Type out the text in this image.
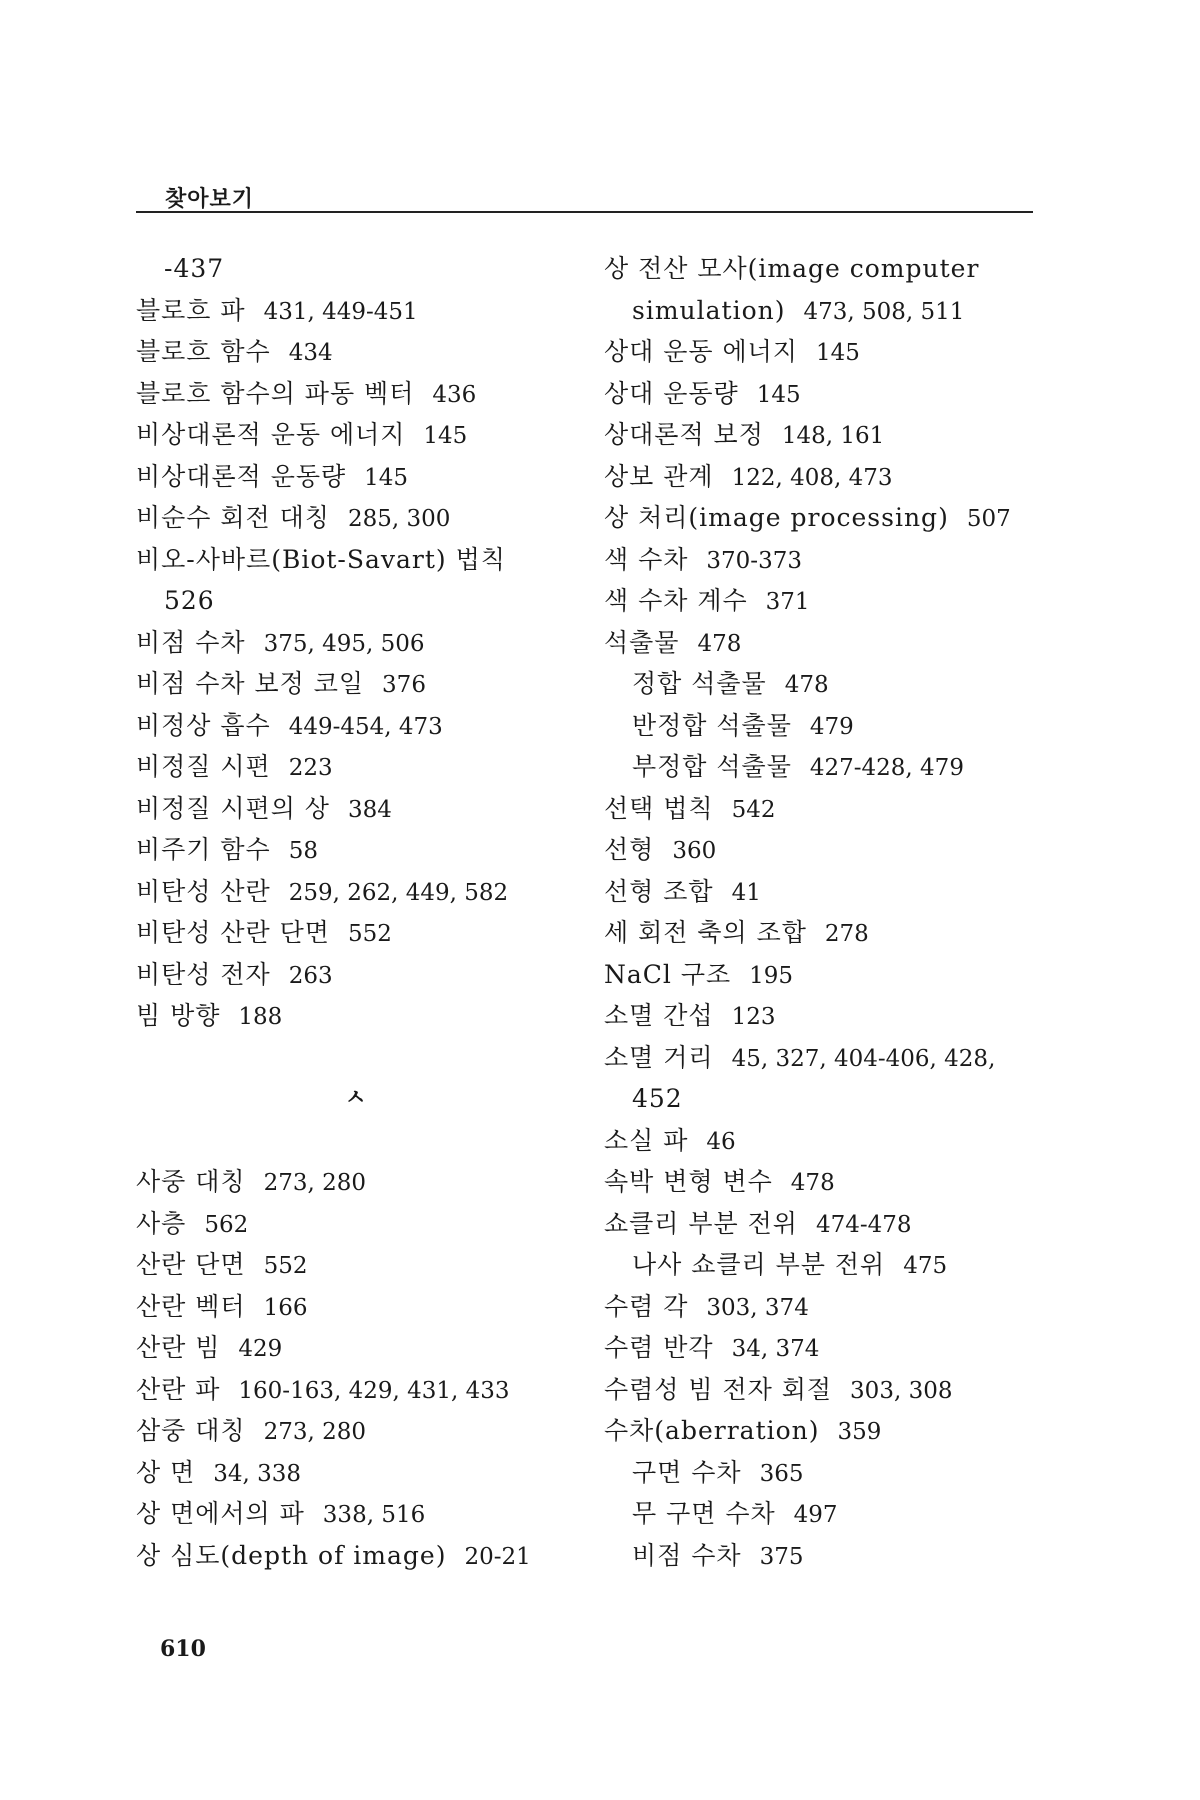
찾아보기
-437
블로흐 파 431, 449-451
블로흐 함수 434
블로흐 함수의 파동 벡터 436
비상대론적 운동 에너지 145
비상대론적 운동량 145
비순수 회전 대칭 285, 300
비오-사바르(Biot-Savart) 법칙
526
비점 수차 375, 495, 506
비점 수차 보정 코일 376
비정상 흡수 449-454, 473
비정질 시편 223
비정질 시편의 상 384
비주기 함수 58
비탄성 산란 259, 262, 449, 582
비탄성 산란 단면 552
비탄성 전자 263
빔 방향 188
ㅅ
사중 대칭 273, 280
사층 562
산란 단면 552
산란 벡터 166
산란 빔 429
산란 파 160-163, 429, 431, 433
삼중 대칭 273, 280
상 면 34, 338
상 면에서의 파 338, 516
상 심도(depth of image) 20-21
상 전산 모사(image computer
simulation) 473, 508, 511
상대 운동 에너지 145
상대 운동량 145
상대론적 보정 148, 161
상보 관계 122, 408, 473
상 처리(image processing) 507
색 수차 370-373
색 수차 계수 371
석출물 478
정합 석출물 478
반정합 석출물 479
부정합 석출물 427-428, 479
선택 법칙 542
선형 360
선형 조합 41
세 회전 축의 조합 278
NaCl 구조 195
소멸 간섭 123
소멸 거리 45, 327, 404-406, 428,
452
소실 파 46
속박 변형 변수 478
쇼클리 부분 전위 474-478
나사 쇼클리 부분 전위 475
수렴 각 303, 374
수렴 반각 34, 374
수렴성 빔 전자 회절 303, 308
수차(aberration) 359
구면 수차 365
무 구면 수차 497
비점 수차 375
610
